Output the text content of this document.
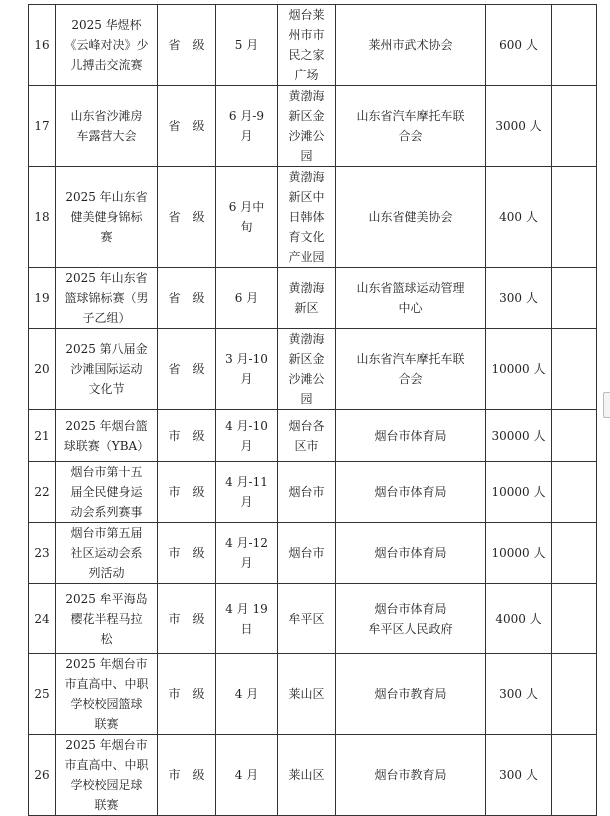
16	2025 华煜杯
《云峰对决》少
儿搏击交流赛	省　级	5 月	烟台莱
州市市
民之家
广场	莱州市武术协会	600 人	
17	山东省沙滩房
车露营大会	省　级	6 月-9
月	黄渤海
新区金
沙滩公
园	山东省汽车摩托车联
合会	3000 人	
18	2025 年山东省
健美健身锦标
赛	省　级	6 月中
旬	黄渤海
新区中
日韩体
育文化
产业园	山东省健美协会	400 人	
19	2025 年山东省
篮球锦标赛（男
子乙组）	省　级	6 月	黄渤海
新区	山东省篮球运动管理
中心	300 人	
20	2025 第八届金
沙滩国际运动
文化节	省　级	3 月-10
月	黄渤海
新区金
沙滩公
园	山东省汽车摩托车联
合会	10000 人	
21	2025 年烟台篮
球联赛（YBA）	市　级	4 月-10
月	烟台各
区市	烟台市体育局	30000 人	
22	烟台市第十五
届全民健身运
动会系列赛事	市　级	4 月-11
月	烟台市	烟台市体育局	10000 人	
23	烟台市第五届
社区运动会系
列活动	市　级	4 月-12
月	烟台市	烟台市体育局	10000 人	
24	2025 牟平海岛
樱花半程马拉
松	市　级	4 月 19
日	牟平区	烟台市体育局
牟平区人民政府	4000 人	
25	2025 年烟台市
市直高中、中职
学校校园篮球
联赛	市　级	4 月	莱山区	烟台市教育局	300 人	
26	2025 年烟台市
市直高中、中职
学校校园足球
联赛	市　级	4 月	莱山区	烟台市教育局	300 人	
